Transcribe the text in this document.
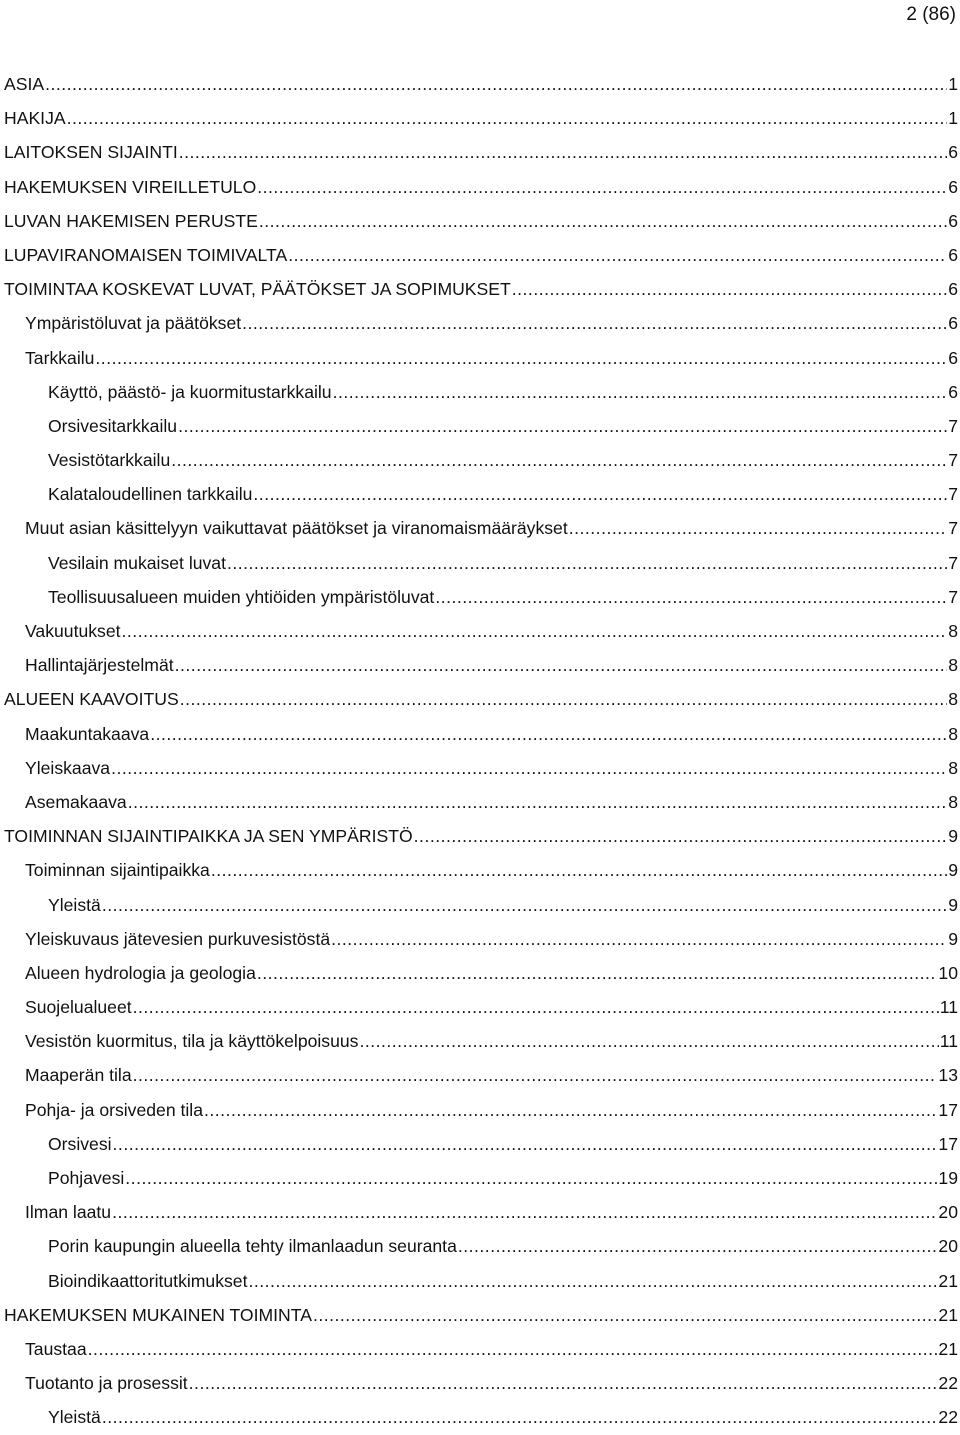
2 (86)
ASIA .....	1
HAKIJA .....	1
LAITOKSEN SIJAINTI .....	6
HAKEMUKSEN VIREILLETULO .....	6
LUVAN HAKEMISEN PERUSTE .....	6
LUPAVIRANOMAISEN TOIMIVALTA .....	6
TOIMINTAA KOSKEVAT LUVAT, PÄÄTÖKSET JA SOPIMUKSET .....	6
Ympäristöluvat ja päätökset .....	6
Tarkkailu .....	6
Käyttö, päästö- ja kuormitustarkkailu .....	6
Orsivesitarkkailu .....	7
Vesistötarkkailu .....	7
Kalataloudellinen tarkkailu .....	7
Muut asian käsittelyyn vaikuttavat päätökset ja viranomaismääräykset .....	7
Vesilain mukaiset luvat .....	7
Teollisuusalueen muiden yhtiöiden ympäristöluvat .....	7
Vakuutukset .....	8
Hallintajärjestelmät .....	8
ALUEEN KAAVOITUS .....	8
Maakuntakaava .....	8
Yleiskaava .....	8
Asemakaava .....	8
TOIMINNAN SIJAINTIPAIKKA JA SEN YMPÄRISTÖ .....	9
Toiminnan sijaintipaikka .....	9
Yleistä .....	9
Yleiskuvaus jätevesien purkuvesistöstä .....	9
Alueen hydrologia ja geologia .....	10
Suojelualueet .....	11
Vesistön kuormitus, tila ja käyttökelpoisuus .....	11
Maaperän tila .....	13
Pohja- ja orsiveden tila .....	17
Orsivesi .....	17
Pohjavesi .....	19
Ilman laatu .....	20
Porin kaupungin alueella tehty ilmanlaadun seuranta .....	20
Bioindikaattoritutkimukset .....	21
HAKEMUKSEN MUKAINEN TOIMINTA .....	21
Taustaa .....	21
Tuotanto ja prosessit .....	22
Yleistä .....	22
